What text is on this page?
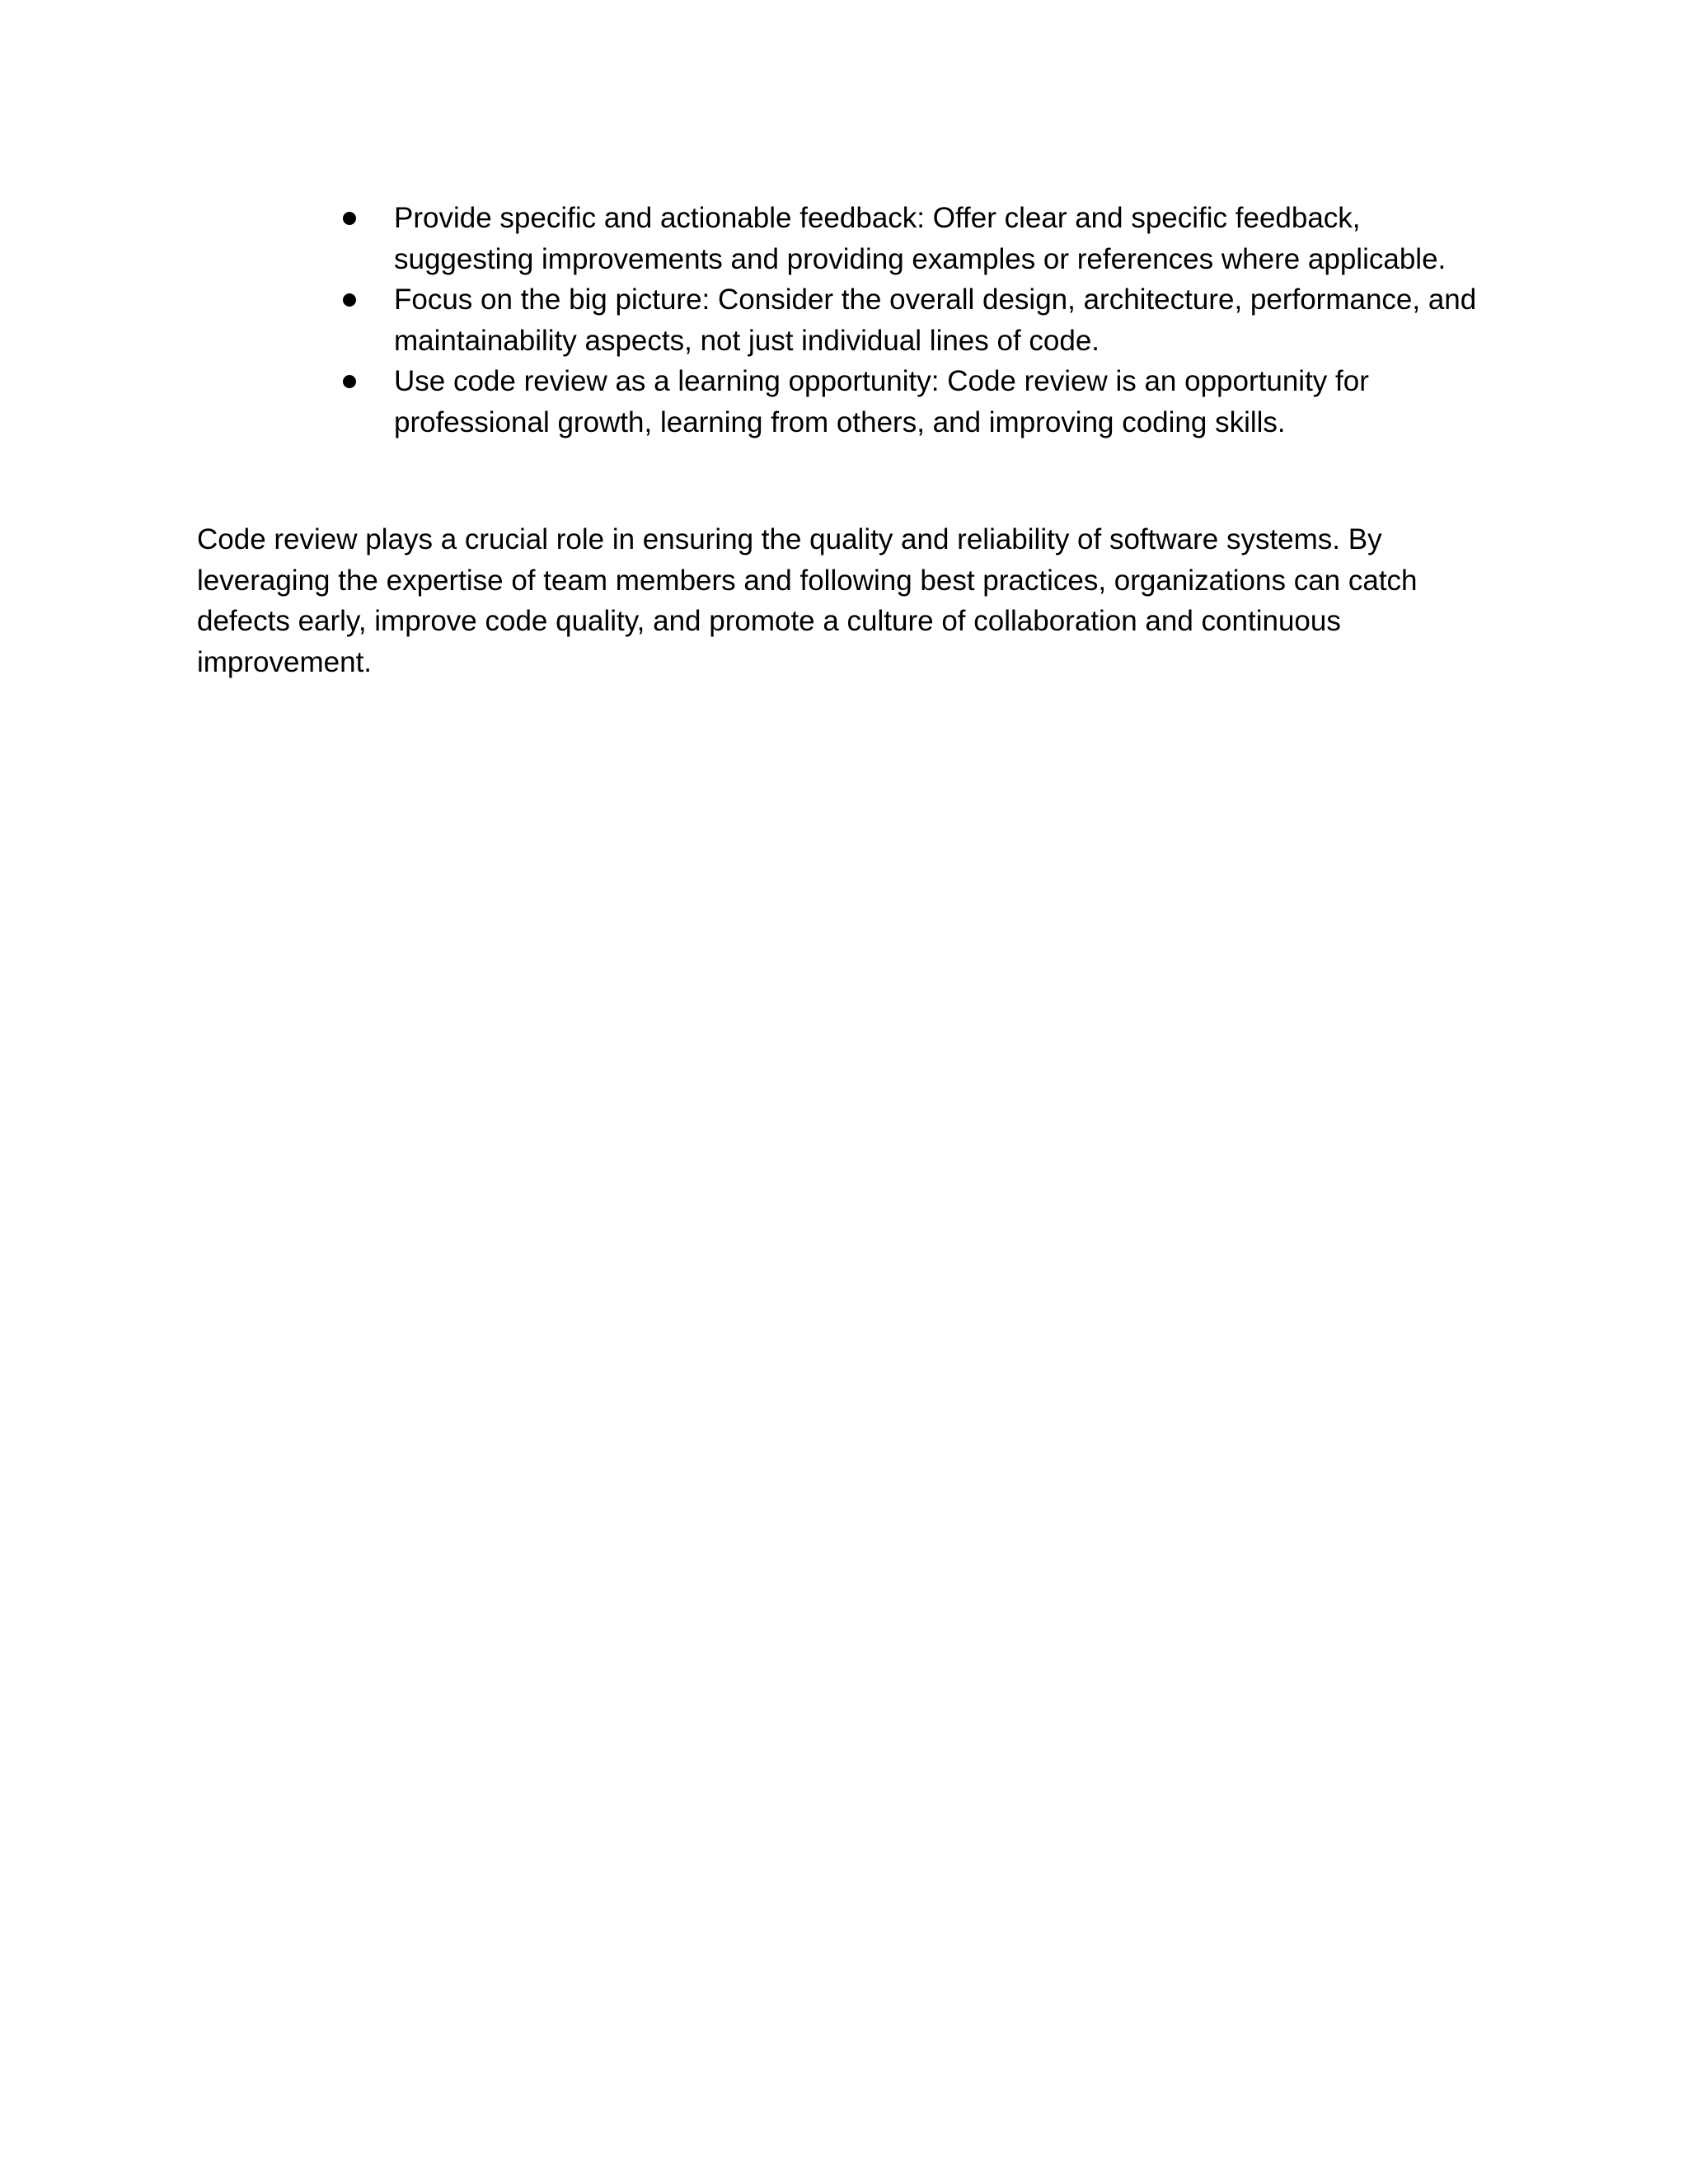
Provide specific and actionable feedback: Offer clear and specific feedback, suggesting improvements and providing examples or references where applicable.
Focus on the big picture: Consider the overall design, architecture, performance, and maintainability aspects, not just individual lines of code.
Use code review as a learning opportunity: Code review is an opportunity for professional growth, learning from others, and improving coding skills.

Code review plays a crucial role in ensuring the quality and reliability of software systems. By leveraging the expertise of team members and following best practices, organizations can catch defects early, improve code quality, and promote a culture of collaboration and continuous improvement.
